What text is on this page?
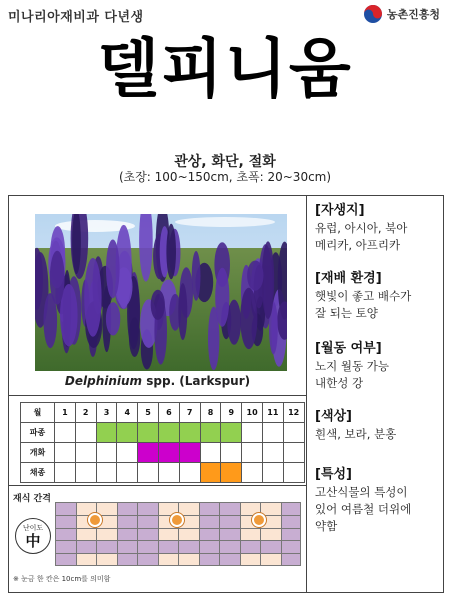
미나리아재비과 다년생	농촌진흥청
델피니움
관상, 화단, 절화
(초장: 100~150cm, 초폭: 20~30cm)
Delphinium spp. (Larkspur)
월	1	2	3	4	5	6	7	8	9	10	11	12
파종												
개화												
채종												
재식 간격
난이도
中
※ 눈금 한 칸은 10cm를 의미함
[자생지]
유럽, 아시아, 북아
메리카, 아프리카
[재배 환경]
햇빛이 좋고 배수가
잘 되는 토양
[월동 여부]
노지 월동 가능
내한성 강
[색상]
흰색, 보라, 분홍
[특성]
고산식물의 특성이
있어 여름철 더위에
약함
